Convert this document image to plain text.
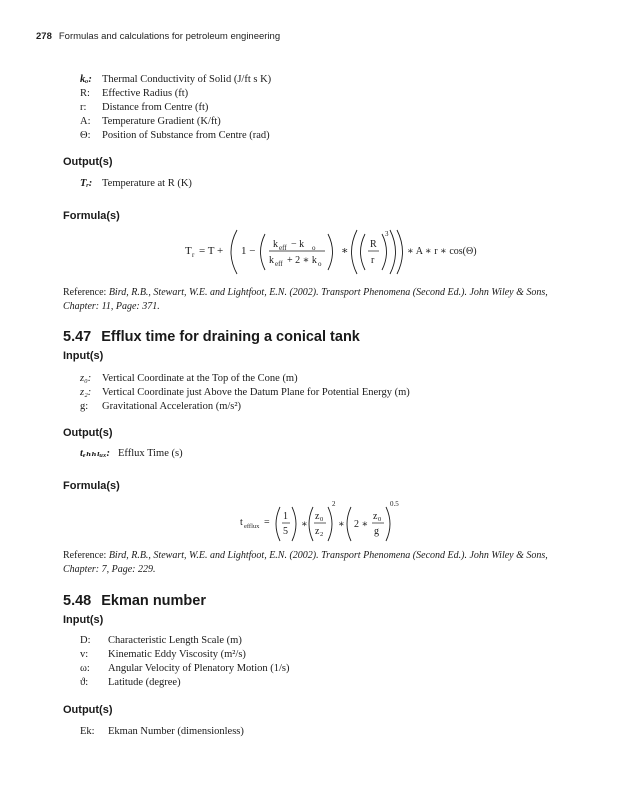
278 Formulas and calculations for petroleum engineering
kₒ: Thermal Conductivity of Solid (J/ft s K)
R: Effective Radius (ft)
r: Distance from Centre (ft)
A: Temperature Gradient (K/ft)
Θ: Position of Substance from Centre (rad)
Output(s)
Tᵣ: Temperature at R (K)
Formula(s)
T r = T + 1 −
k eff − k o
k eff + 2 ∗ k o
∗
R
r
3
∗ A ∗ r ∗ cos(Θ)
Reference: Bird, R.B., Stewart, W.E. and Lightfoot, E.N. (2002). Transport Phenomena (Second Ed.). John Wiley & Sons, Chapter: 11, Page: 371.
5.47 Efflux time for draining a conical tank
Input(s)
z₀: Vertical Coordinate at the Top of the Cone (m)
z₂: Vertical Coordinate just Above the Datum Plane for Potential Energy (m)
g: Gravitational Acceleration (m/s²)
Output(s)
tₑₕₕₗᵤₓ: Efflux Time (s)
Formula(s)
t efflux =
1
5
∗
z 0
z 2
2
∗ 2 ∗
z 0
g
0.5
Reference: Bird, R.B., Stewart, W.E. and Lightfoot, E.N. (2002). Transport Phenomena (Second Ed.). John Wiley & Sons, Chapter: 7, Page: 229.
5.48 Ekman number
Input(s)
D: Characteristic Length Scale (m)
v: Kinematic Eddy Viscosity (m²/s)
ω: Angular Velocity of Plenatory Motion (1/s)
ϑ: Latitude (degree)
Output(s)
Ek: Ekman Number (dimensionless)
